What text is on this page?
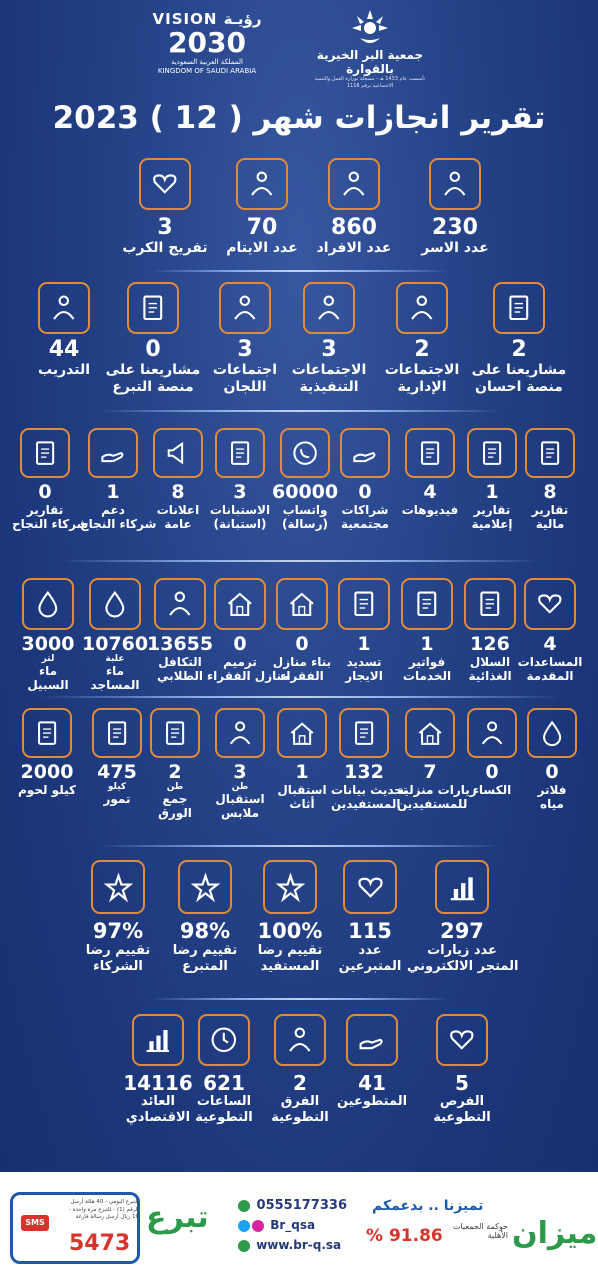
VISION رؤيـة
2030
المملكة العربية السعودية
KINGDOM OF SAUDI ARABIA
جمعية البر الخيرية بالقوارة
تأسست عام 1433 هـ - مسجلة بوزارة العمل والتنمية الاجتماعية برقم 1116
تقرير انجازات شهر ( 12 ) 2023
230
عدد الاسر
860
عدد الافراد
70
عدد الايتام
3
تفريج الكرب
2
مشاريعنا على
منصة احسان
2
الاجتماعات
الإدارية
3
الاجتماعات
التنفيذية
3
اجتماعات
اللجان
0
مشاريعنا على
منصة التبرع
44
التدريب
8
تقارير
مالية
1
تقارير
إعلامية
4
فيديوهات
0
شراكات
مجتمعية
60000
واتساب
(رسالة)
3
الاستبانات
(استبانة)
8
اعلانات
عامة
1
دعم
شركاء النجاح
0
تقارير
شركاء النجاح
4
المساعدات
المقدمة
126
السلال
الغذائية
1
فواتير
الخدمات
1
تسديد
الايجار
0
بناء منازل
الفقراء
0
ترميم
منازل الفقراء
13655
التكافل
الطلابي
10760
علبة
ماء
المساجد
3000
لتر
ماء
السبيل
0
فلاتر
مياه
0
الكساء
7
زيارات منزلية
للمستفيدين
132
تحديث بيانات
المستفيدين
1
استقبال
أثاث
3
طن
استقبال
ملابس
2
طن
جمع
الورق
475
كيلو
تمور
2000
كيلو لحوم
297
عدد زيارات
المتجر الالكتروني
115
عدد
المتبرعين
100%
تقييم رضا
المستفيد
98%
تقييم رضا
المتبرع
97%
تقييم رضا
الشركاء
5
الفرص
التطوعية
41
المتطوعين
2
الفرق
التطوعية
621
الساعات
التطوعية
14116
العائد
الاقتصادي
SMS
للتبرع اليومي - 40 هللة أرسل الرقم (1) - للتبرع مرة واحدة - 10 ريال أرسل رسالة فارغة
5473
تبرع	0555177336
Br_qsa
www.br-q.sa
تميزنا .. بدعمكم
% 91.86	حوكمة الجمعيات الأهلية ميزان
